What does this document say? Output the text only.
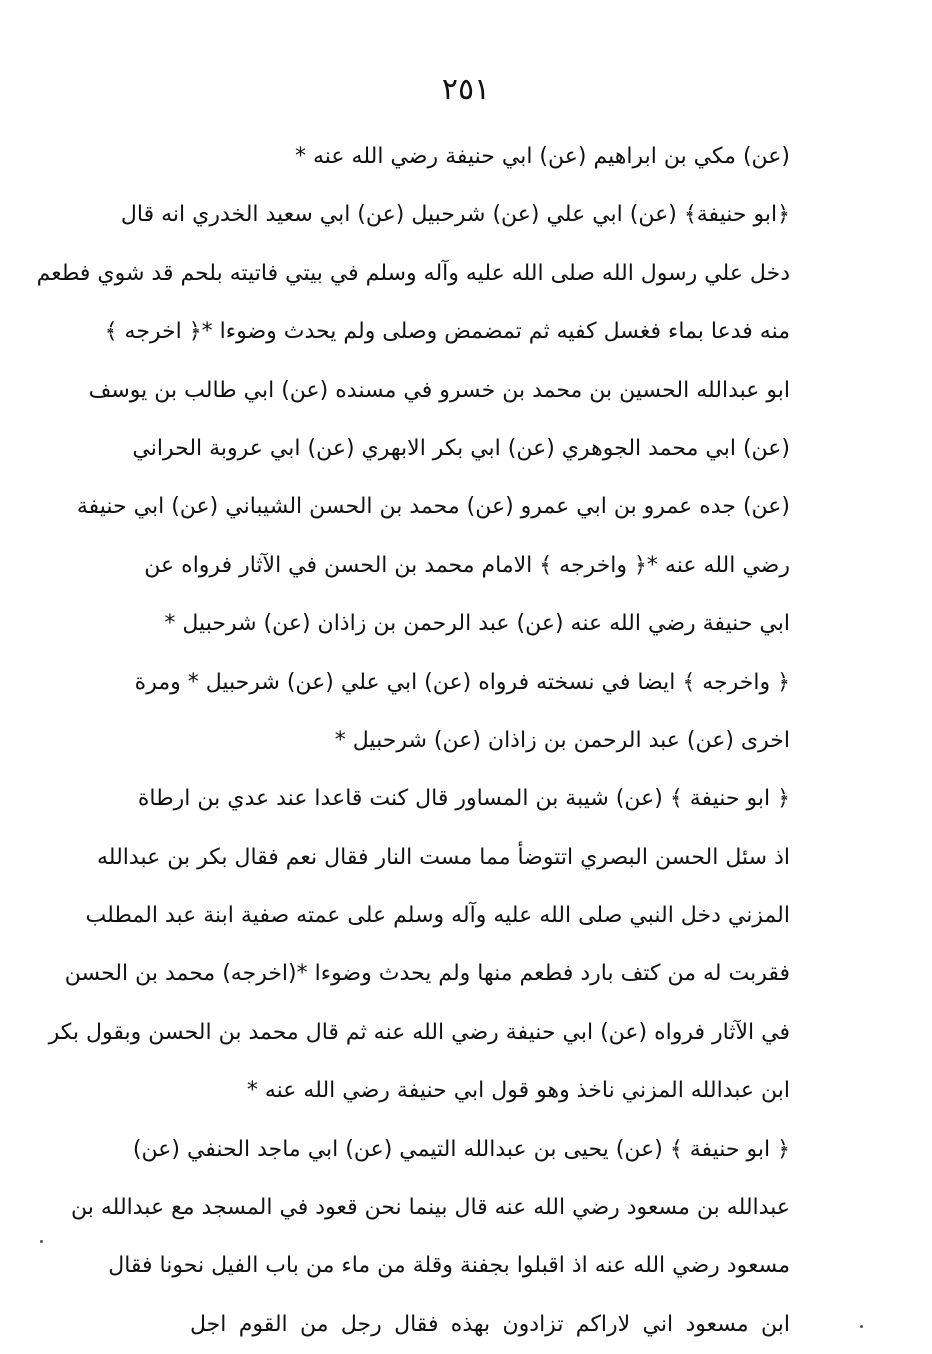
٢٥١
(عن) مكي بن ابراهيم (عن) ابي حنيفة رضي الله عنه *
﴿ابو حنيفة﴾ (عن) ابي علي (عن) شرحبيل (عن) ابي سعيد الخدري انه قال
دخل علي رسول الله صلى الله عليه وآله وسلم في بيتي فاتيته بلحم قد شوي فطعم
منه فدعا بماء فغسل كفيه ثم تمضمض وصلى ولم يحدث وضوءا *﴿ اخرجه ﴾
ابو عبدالله الحسين بن محمد بن خسرو في مسنده (عن) ابي طالب بن يوسف
(عن) ابي محمد الجوهري (عن) ابي بكر الابهري (عن) ابي عروبة الحراني
(عن) جده عمرو بن ابي عمرو (عن) محمد بن الحسن الشيباني (عن) ابي حنيفة
رضي الله عنه *﴿ واخرجه ﴾ الامام محمد بن الحسن في الآثار فرواه عن
ابي حنيفة رضي الله عنه (عن) عبد الرحمن بن زاذان (عن) شرحبيل *
﴿ واخرجه ﴾ ايضا في نسخته فرواه (عن) ابي علي (عن) شرحبيل * ومرة
اخرى (عن) عبد الرحمن بن زاذان (عن) شرحبيل *
﴿ ابو حنيفة ﴾ (عن) شيبة بن المساور قال كنت قاعدا عند عدي بن ارطاة
اذ سئل الحسن البصري اتتوضأ مما مست النار فقال نعم فقال بكر بن عبدالله
المزني دخل النبي صلى الله عليه وآله وسلم على عمته صفية ابنة عبد المطلب
فقربت له من كتف بارد فطعم منها ولم يحدث وضوءا *(اخرجه) محمد بن الحسن
في الآثار فرواه (عن) ابي حنيفة رضي الله عنه ثم قال محمد بن الحسن وبقول بكر
ابن عبدالله المزني ناخذ وهو قول ابي حنيفة رضي الله عنه *
﴿ ابو حنيفة ﴾ (عن) يحيى بن عبدالله التيمي (عن) ابي ماجد الحنفي (عن)
عبدالله بن مسعود رضي الله عنه قال بينما نحن قعود في المسجد مع عبدالله بن
مسعود رضي الله عنه اذ اقبلوا بجفنة وقلة من ماء من باب الفيل نحونا فقال
ابن مسعود اني لاراكم تزادون بهذه فقال رجل من القوم اجل
